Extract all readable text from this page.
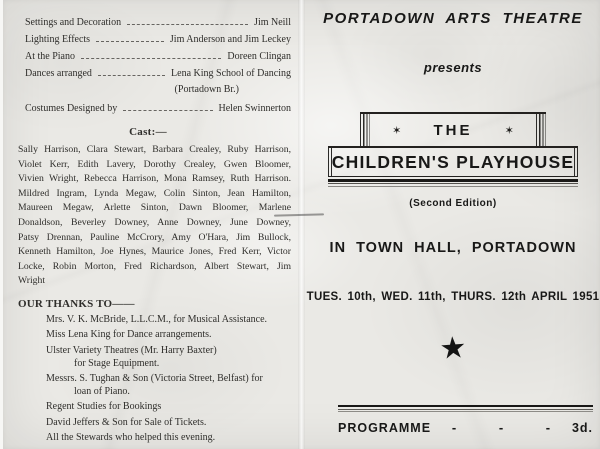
Settings and Decoration	Jim Neill
Lighting Effects	Jim Anderson and Jim Leckey
At the Piano	Doreen Clingan
Dances arranged	Lena King School of Dancing
(Portadown Br.)
Costumes Designed by	Helen Swinnerton
Cast:—

Sally Harrison, Clara Stewart, Barbara Crealey, Ruby Harrison, Violet Kerr, Edith Lavery, Dorothy Crealey, Gwen Bloomer, Vivien Wright, Rebecca Harrison, Mona Ramsey, Ruth Harrison. Mildred Ingram, Lynda Megaw, Colin Sinton, Jean Hamilton, Maureen Megaw, Arlette Sinton, Dawn Bloomer, Marlene Donaldson, Beverley Downey, Anne Downey, June Downey, Patsy Drennan, Pauline McCrory, Amy O'Hara, Jim Bullock, Kenneth Hamilton, Joe Hynes, Maurice Jones, Fred Kerr, Victor Locke, Robin Morton, Fred Richardson, Albert Stewart, Jim Wright

OUR THANKS TO——
Mrs. V. K. McBride, L.L.C.M., for Musical Assistance.
Miss Lena King for Dance arrangements.
Ulster Variety Theatres (Mr. Harry Baxter)
for Stage Equipment.
Messrs. S. Tughan & Son (Victoria Street, Belfast) for
loan of Piano.
Regent Studies for Bookings
David Jeffers & Son for Sale of Tickets.
All the Stewards who helped this evening.
PORTADOWN ARTS THEATRE
presents
✶	THE	✶
CHILDREN'S PLAYHOUSE
(Second Edition)
IN TOWN HALL, PORTADOWN
TUES. 10th, WED. 11th, THURS. 12th APRIL 1951
★
PROGRAMME	-	-	-	3d.
